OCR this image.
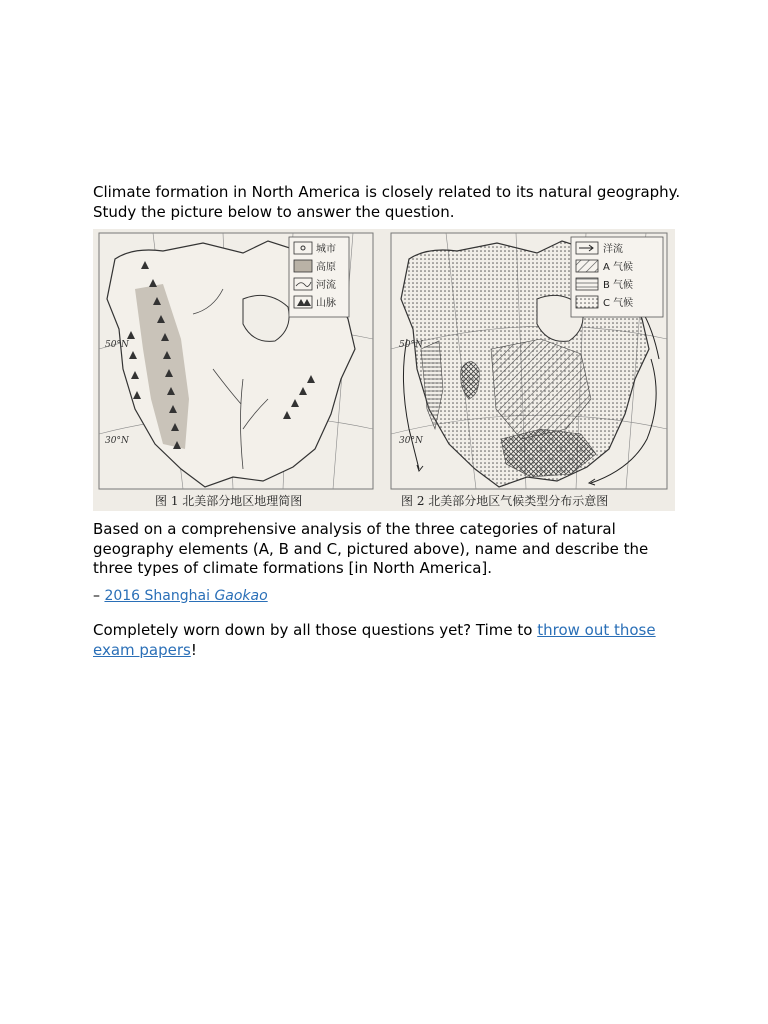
Climate formation in North America is closely related to its natural geography. Study the picture below to answer the question.

城市
高原
河流
山脉
50°N
30°N
图 1 北美部分地区地理简图
洋流
A 气候
B 气候
C 气候
50°N
30°N
图 2 北美部分地区气候类型分布示意图

Based on a comprehensive analysis of the three categories of natural geography elements (A, B and C, pictured above), name and describe the three types of climate formations [in North America].

– 2016 Shanghai Gaokao

Completely worn down by all those questions yet? Time to throw out those exam papers!
